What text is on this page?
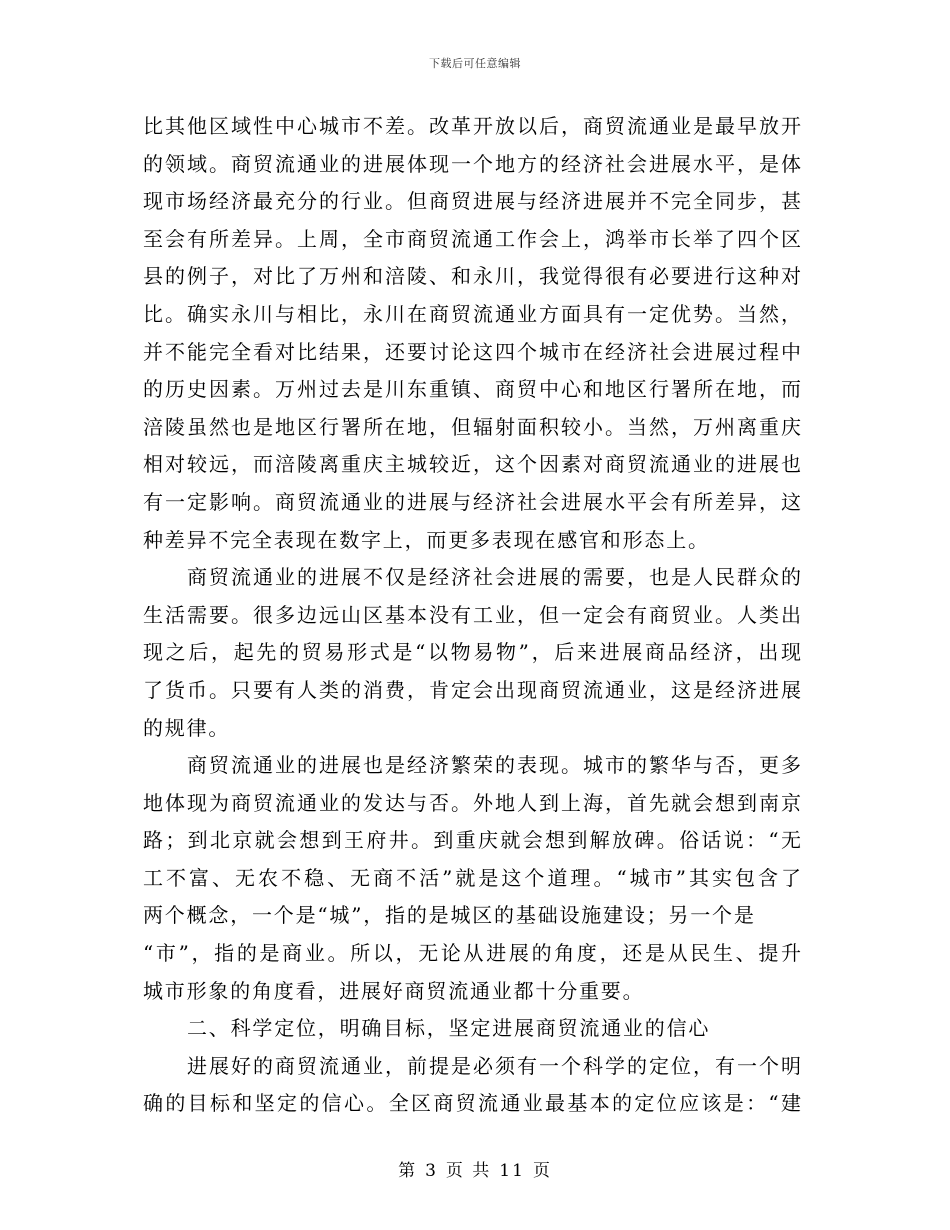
下载后可任意编辑
比其他区域性中心城市不差。改革开放以后，商贸流通业是最早放开
的领域。商贸流通业的进展体现一个地方的经济社会进展水平，是体
现市场经济最充分的行业。但商贸进展与经济进展并不完全同步，甚
至会有所差异。上周，全市商贸流通工作会上，鸿举市长举了四个区
县的例子，对比了万州和涪陵、和永川，我觉得很有必要进行这种对
比。确实永川与相比，永川在商贸流通业方面具有一定优势。当然，
并不能完全看对比结果，还要讨论这四个城市在经济社会进展过程中
的历史因素。万州过去是川东重镇、商贸中心和地区行署所在地，而
涪陵虽然也是地区行署所在地，但辐射面积较小。当然，万州离重庆
相对较远，而涪陵离重庆主城较近，这个因素对商贸流通业的进展也
有一定影响。商贸流通业的进展与经济社会进展水平会有所差异，这
种差异不完全表现在数字上，而更多表现在感官和形态上。
商贸流通业的进展不仅是经济社会进展的需要，也是人民群众的
生活需要。很多边远山区基本没有工业，但一定会有商贸业。人类出
现之后，起先的贸易形式是“以物易物”，后来进展商品经济，出现
了货币。只要有人类的消费，肯定会出现商贸流通业，这是经济进展
的规律。
商贸流通业的进展也是经济繁荣的表现。城市的繁华与否，更多
地体现为商贸流通业的发达与否。外地人到上海，首先就会想到南京
路；到北京就会想到王府井。到重庆就会想到解放碑。俗话说：“无
工不富、无农不稳、无商不活”就是这个道理。“城市”其实包含了
两个概念，一个是“城”，指的是城区的基础设施建设；另一个是
“市”，指的是商业。所以，无论从进展的角度，还是从民生、提升
城市形象的角度看，进展好商贸流通业都十分重要。
二、科学定位，明确目标，坚定进展商贸流通业的信心
进展好的商贸流通业，前提是必须有一个科学的定位，有一个明
确的目标和坚定的信心。全区商贸流通业最基本的定位应该是：“建
第 3 页 共 11 页
